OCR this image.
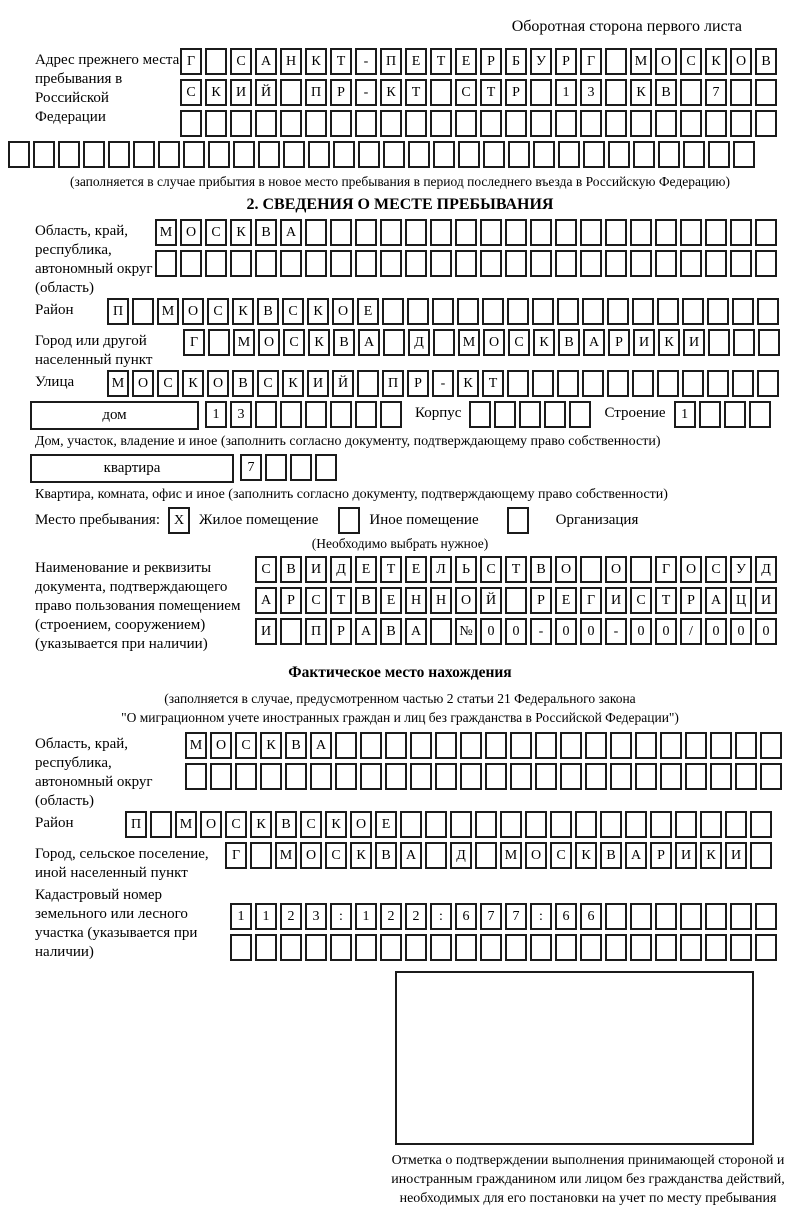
Оборотная сторона первого листа
Адрес прежнего места пребывания в Российской Федерации
Г	С А Н К Т - П Е Т Е Р Б У Р Г	М О С К О В
С К И Й	П Р - К Т	С Т Р	1 3	К В	7
(заполняется в случае прибытия в новое место пребывания в период последнего въезда в Российскую Федерацию)
2. СВЕДЕНИЯ О МЕСТЕ ПРЕБЫВАНИЯ
Область, край, республика, автономный округ (область)
М О С К В А
Район	П	М О С К В С К О Е
Город или другой населенный пункт
Г	М О С К В А	Д	М О С К В А Р И К И
Улица	М О С К О В С К И Й	П Р - К Т
дом	1 3	Корпус	Строение	1
Дом, участок, владение и иное (заполнить согласно документу, подтверждающему право собственности)
квартира	7
Квартира, комната, офис и иное (заполнить согласно документу, подтверждающему право собственности)
Место пребывания: X Жилое помещение	Иное помещение	Организация
(Необходимо выбрать нужное)
Наименование и реквизиты документа, подтверждающего право пользования помещением (строением, сооружением) (указывается при наличии)
С В И Д Е Т Е Л Ь С Т В О	О	Г О С У Д
А Р С Т В Е Н Н О Й	Р Е Г И С Т Р А Ц И
И	П Р А В А	№ 0 0 - 0 0 - 0 0 / 0 0 0
Фактическое место нахождения
(заполняется в случае, предусмотренном частью 2 статьи 21 Федерального закона
"О миграционном учете иностранных граждан и лиц без гражданства в Российской Федерации")
Область, край, республика, автономный округ (область)
М О С К В А
Район	П	М О С К В С К О Е
Город, сельское поселение, иной населенный пункт
Г	М О С К В А	Д	М О С К В А Р И К И
Кадастровый номер земельного или лесного участка (указывается при наличии)
1 1 2 3 : 1 2 2 : 6 7 7 : 6 6
Отметка о подтверждении выполнения принимающей стороной и иностранным гражданином или лицом без гражданства действий, необходимых для его постановки на учет по месту пребывания
